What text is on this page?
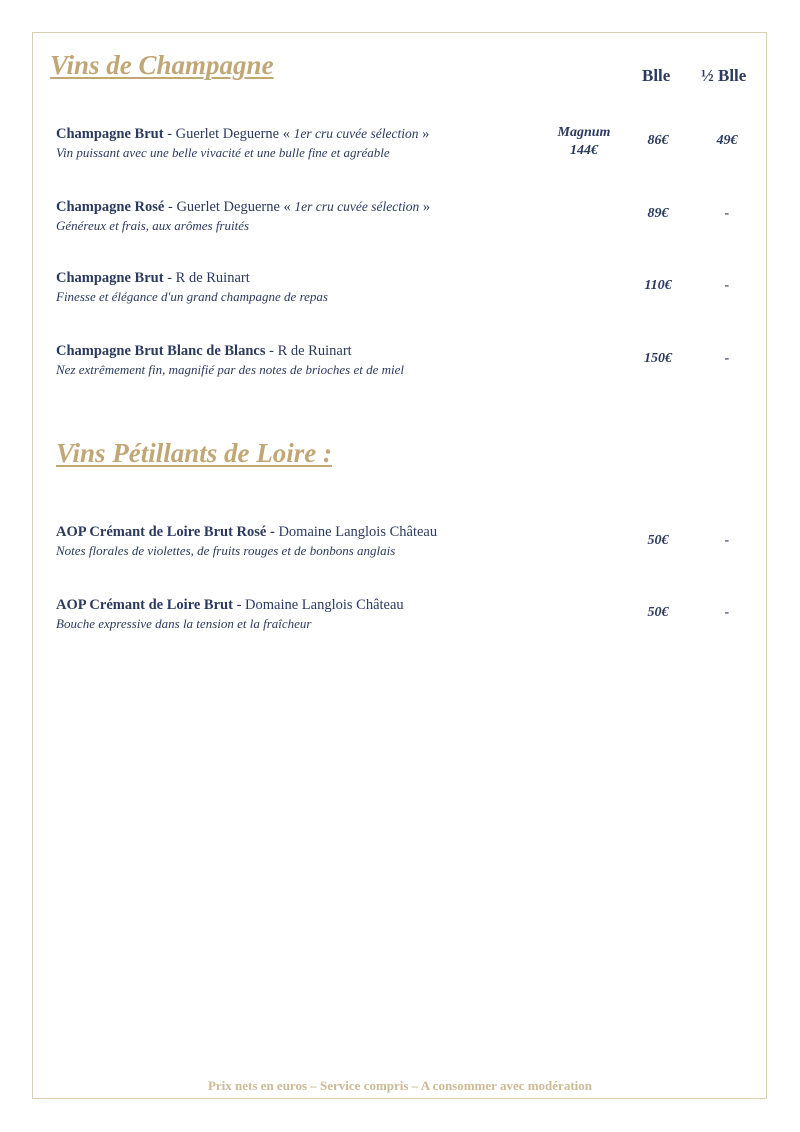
Vins de Champagne	Blle ½ Blle
Champagne Brut - Guerlet Deguerne « 1er cru cuvée sélection »
Vin puissant avec une belle vivacité et une bulle fine et agréable
Magnum
144€
86€	49€
Champagne Rosé - Guerlet Deguerne « 1er cru cuvée sélection »
Généreux et frais, aux arômes fruités
89€	-
Champagne Brut - R de Ruinart
Finesse et élégance d'un grand champagne de repas
110€	-
Champagne Brut Blanc de Blancs - R de Ruinart
Nez extrêmement fin, magnifié par des notes de brioches et de miel
150€	-
Vins Pétillants de Loire :
AOP Crémant de Loire Brut Rosé - Domaine Langlois Château
Notes florales de violettes, de fruits rouges et de bonbons anglais
50€	-
AOP Crémant de Loire Brut - Domaine Langlois Château
Bouche expressive dans la tension et la fraîcheur
50€	-
Prix nets en euros – Service compris – A consommer avec modération
